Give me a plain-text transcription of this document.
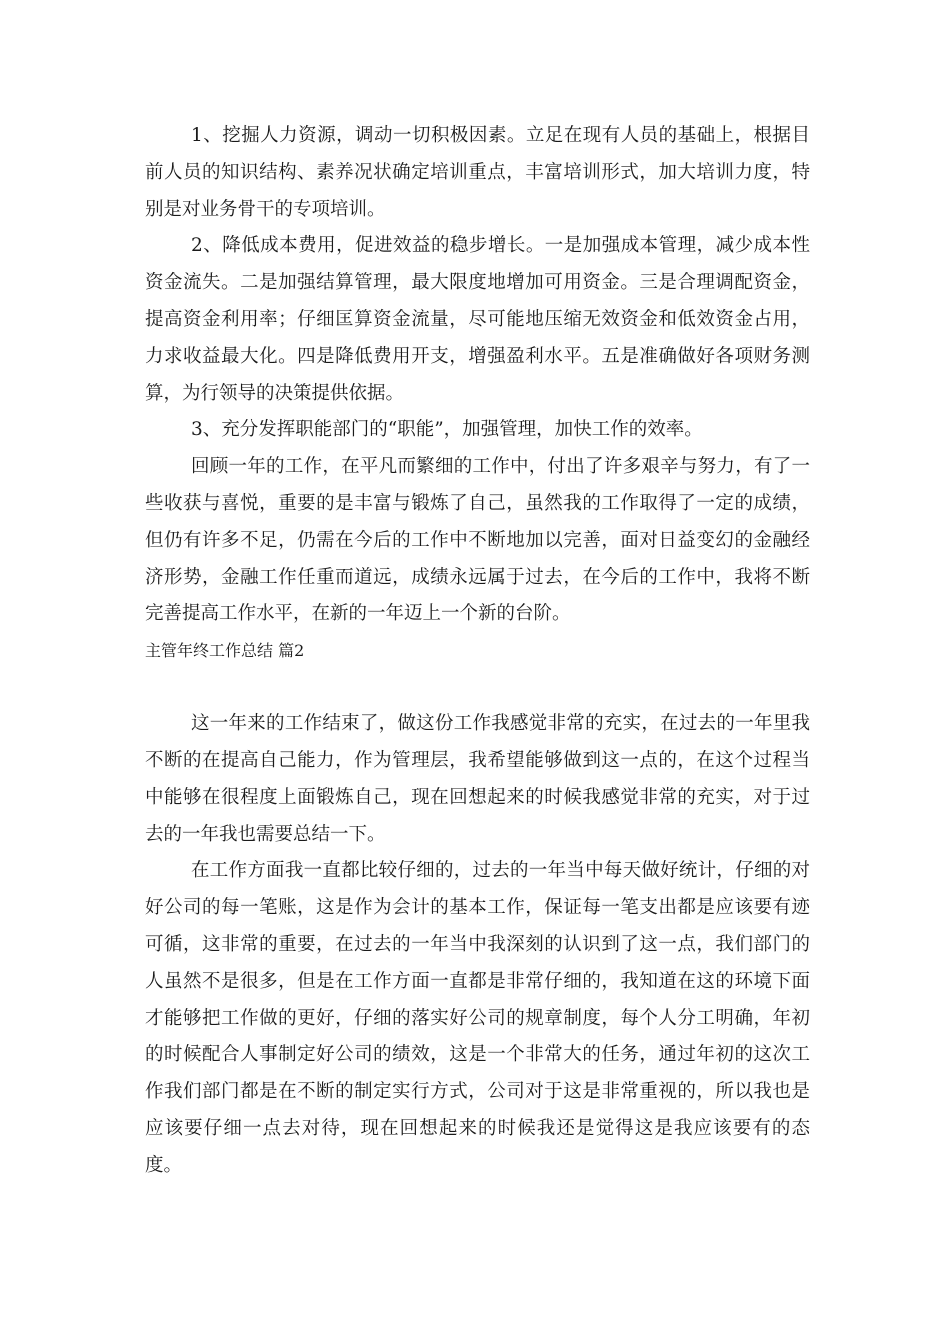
1、挖掘人力资源，调动一切积极因素。立足在现有人员的基础上，根据目前人员的知识结构、素养况状确定培训重点，丰富培训形式，加大培训力度，特别是对业务骨干的专项培训。

2、降低成本费用，促进效益的稳步增长。一是加强成本管理，减少成本性资金流失。二是加强结算管理，最大限度地增加可用资金。三是合理调配资金，提高资金利用率；仔细匡算资金流量，尽可能地压缩无效资金和低效资金占用，力求收益最大化。四是降低费用开支，增强盈利水平。五是准确做好各项财务测算，为行领导的决策提供依据。

3、充分发挥职能部门的“职能”，加强管理，加快工作的效率。

回顾一年的工作，在平凡而繁细的工作中，付出了许多艰辛与努力，有了一些收获与喜悦，重要的是丰富与锻炼了自己，虽然我的工作取得了一定的成绩，但仍有许多不足，仍需在今后的工作中不断地加以完善，面对日益变幻的金融经济形势，金融工作任重而道远，成绩永远属于过去，在今后的工作中，我将不断完善提高工作水平，在新的一年迈上一个新的台阶。

主管年终工作总结 篇2

这一年来的工作结束了，做这份工作我感觉非常的充实，在过去的一年里我不断的在提高自己能力，作为管理层，我希望能够做到这一点的，在这个过程当中能够在很程度上面锻炼自己，现在回想起来的时候我感觉非常的充实，对于过去的一年我也需要总结一下。

在工作方面我一直都比较仔细的，过去的一年当中每天做好统计，仔细的对好公司的每一笔账，这是作为会计的基本工作，保证每一笔支出都是应该要有迹可循，这非常的重要，在过去的一年当中我深刻的认识到了这一点，我们部门的人虽然不是很多，但是在工作方面一直都是非常仔细的，我知道在这的环境下面才能够把工作做的更好，仔细的落实好公司的规章制度，每个人分工明确，年初的时候配合人事制定好公司的绩效，这是一个非常大的任务，通过年初的这次工作我们部门都是在不断的制定实行方式，公司对于这是非常重视的，所以我也是应该要仔细一点去对待，现在回想起来的时候我还是觉得这是我应该要有的态度。
